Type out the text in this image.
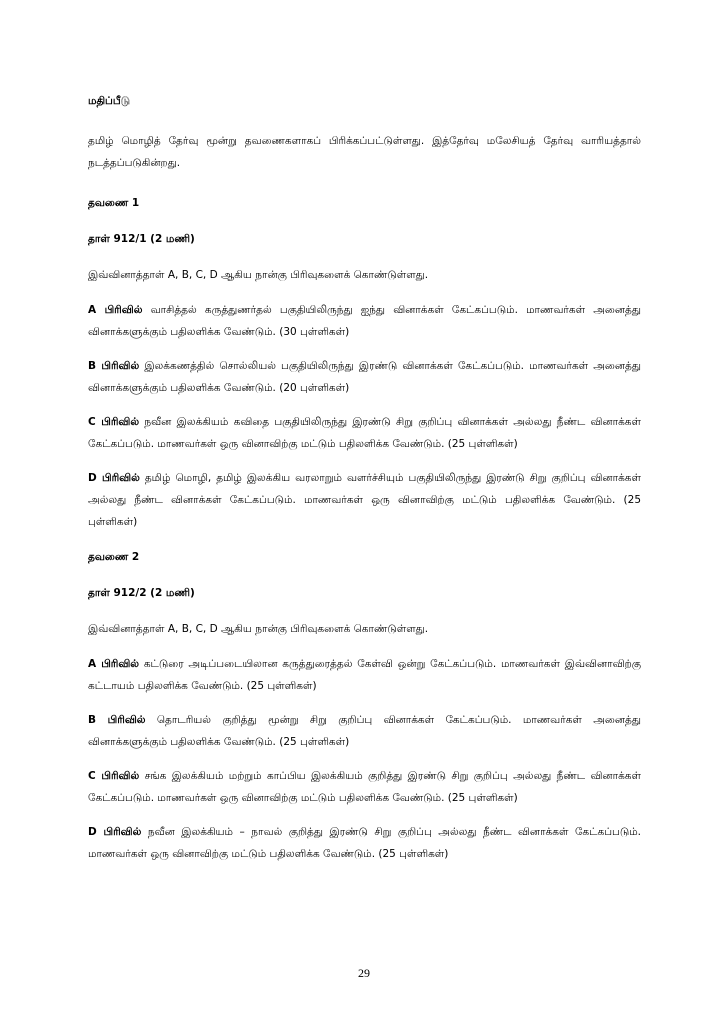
மதிப்பீடு

தமிழ் மொழித் தேர்வு மூன்று தவணைகளாகப் பிரிக்கப்பட்டுள்ளது. இத்தேர்வு மலேசியத் தேர்வு வாரியத்தால் நடத்தப்படுகின்றது.

தவணை 1

தாள் 912/1 (2 மணி)

இவ்வினாத்தாள் A, B, C, D ஆகிய நான்கு பிரிவுகளைக் கொண்டுள்ளது.

A பிரிவில் வாசித்தல் கருத்துணர்தல் பகுதியிலிருந்து ஐந்து வினாக்கள் கேட்கப்படும். மாணவர்கள் அனைத்து வினாக்களுக்கும் பதிலளிக்க வேண்டும். (30 புள்ளிகள்)

B பிரிவில் இலக்கணத்தில் சொல்லியல் பகுதியிலிருந்து இரண்டு வினாக்கள் கேட்கப்படும். மாணவர்கள் அனைத்து வினாக்களுக்கும் பதிலளிக்க வேண்டும். (20 புள்ளிகள்)

C பிரிவில் நவீன இலக்கியம் கவிதை பகுதியிலிருந்து இரண்டு சிறு குறிப்பு வினாக்கள் அல்லது நீண்ட வினாக்கள் கேட்கப்படும். மாணவர்கள் ஒரு வினாவிற்கு மட்டும் பதிலளிக்க வேண்டும். (25 புள்ளிகள்)

D பிரிவில் தமிழ் மொழி, தமிழ் இலக்கிய வரலாறும் வளர்ச்சியும் பகுதியிலிருந்து இரண்டு சிறு குறிப்பு வினாக்கள் அல்லது நீண்ட வினாக்கள் கேட்கப்படும். மாணவர்கள் ஒரு வினாவிற்கு மட்டும் பதிலளிக்க வேண்டும். (25 புள்ளிகள்)

தவணை 2

தாள் 912/2 (2 மணி)

இவ்வினாத்தாள் A, B, C, D ஆகிய நான்கு பிரிவுகளைக் கொண்டுள்ளது.

A பிரிவில் கட்டுரை அடிப்படையிலான கருத்துரைத்தல் கேள்வி ஒன்று கேட்கப்படும். மாணவர்கள் இவ்வினாவிற்கு கட்டாயம் பதிலளிக்க வேண்டும். (25 புள்ளிகள்)

B பிரிவில் தொடரியல் குறித்து மூன்று சிறு குறிப்பு வினாக்கள் கேட்கப்படும். மாணவர்கள் அனைத்து வினாக்களுக்கும் பதிலளிக்க வேண்டும். (25 புள்ளிகள்)

C பிரிவில் சங்க இலக்கியம் மற்றும் காப்பிய இலக்கியம் குறித்து இரண்டு சிறு குறிப்பு அல்லது நீண்ட வினாக்கள் கேட்கப்படும். மாணவர்கள் ஒரு வினாவிற்கு மட்டும் பதிலளிக்க வேண்டும். (25 புள்ளிகள்)

D பிரிவில் நவீன இலக்கியம் – நாவல் குறித்து இரண்டு சிறு குறிப்பு அல்லது நீண்ட வினாக்கள் கேட்கப்படும். மாணவர்கள் ஒரு வினாவிற்கு மட்டும் பதிலளிக்க வேண்டும். (25 புள்ளிகள்)

29
